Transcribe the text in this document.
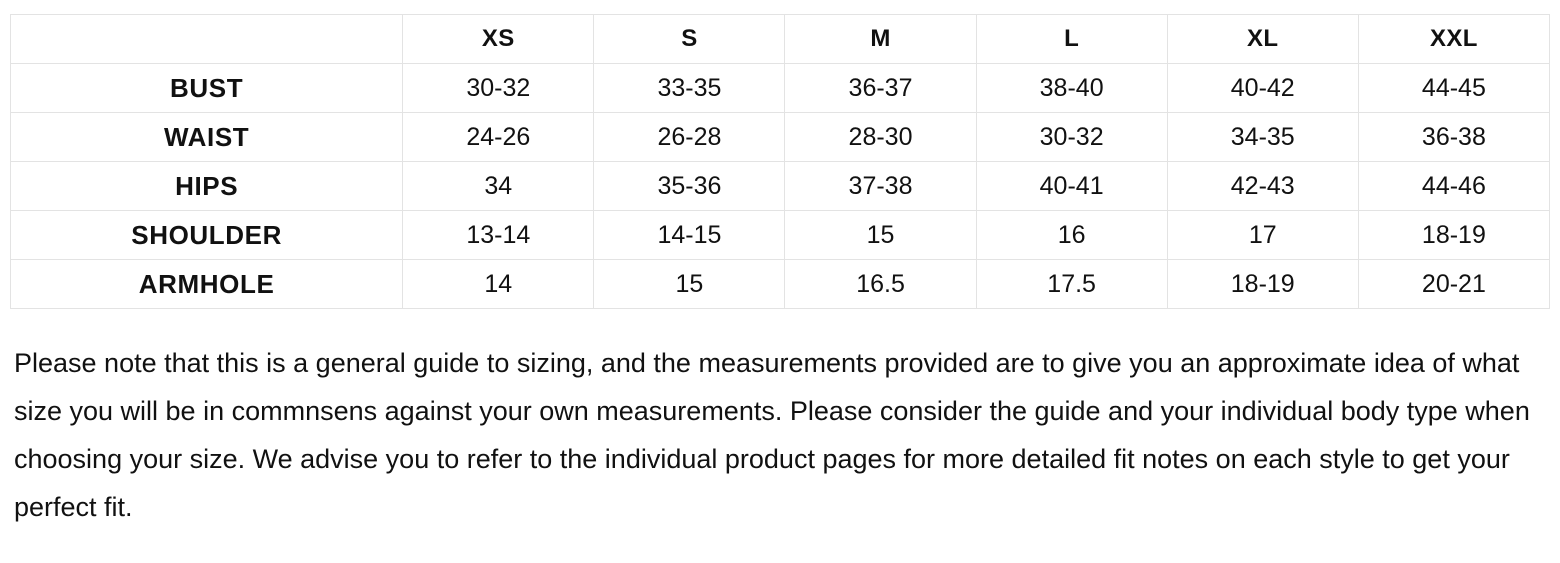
	XS	S	M	L	XL	XXL
BUST	30-32	33-35	36-37	38-40	40-42	44-45
WAIST	24-26	26-28	28-30	30-32	34-35	36-38
HIPS	34	35-36	37-38	40-41	42-43	44-46
SHOULDER	13-14	14-15	15	16	17	18-19
ARMHOLE	14	15	16.5	17.5	18-19	20-21

Please note that this is a general guide to sizing, and the measurements provided are to give you an approximate idea of what size you will be in commnsens against your own measurements. Please consider the guide and your individual body type when choosing your size. We advise you to refer to the individual product pages for more detailed fit notes on each style to get your perfect fit.
